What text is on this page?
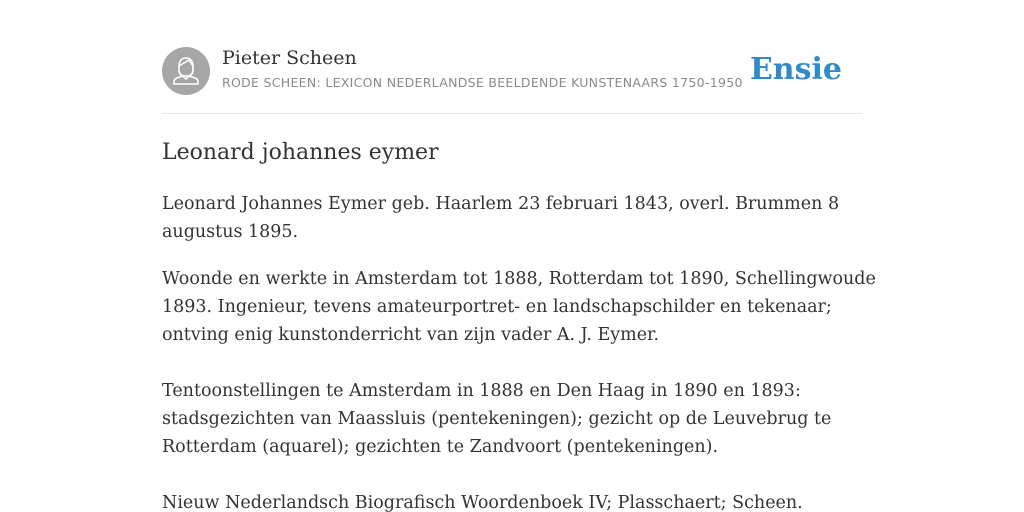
Pieter Scheen
RODE SCHEEN: LEXICON NEDERLANDSE BEELDENDE KUNSTENAARS 1750-1950 Ensie
Leonard johannes eymer

Leonard Johannes Eymer geb. Haarlem 23 februari 1843, overl. Brummen 8
augustus 1895.

Woonde en werkte in Amsterdam tot 1888, Rotterdam tot 1890, Schellingwoude
1893. Ingenieur, tevens amateurportret- en landschapschilder en tekenaar;
ontving enig kunstonderricht van zijn vader A. J. Eymer.

Tentoonstellingen te Amsterdam in 1888 en Den Haag in 1890 en 1893:
stadsgezichten van Maassluis (pentekeningen); gezicht op de Leuvebrug te
Rotterdam (aquarel); gezichten te Zandvoort (pentekeningen).

Nieuw Nederlandsch Biografisch Woordenboek IV; Plasschaert; Scheen.
